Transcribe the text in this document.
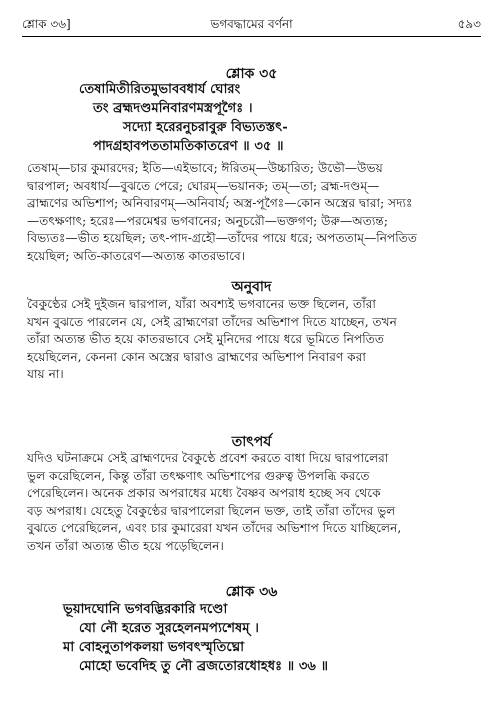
শ্লোক ৩৬]	ভগবদ্ধামের বর্ণনা	৫৯৩
শ্লোক ৩৫
তেষামিতীরিতমুভাববধার্য ঘোরং
তং ব্রহ্মদণ্ডমনিবারণমস্ত্রপূগৈঃ ।
সদ্যো হরেরনুচরাবুরু বিভ্যতস্তৎ-
পাদগ্রহাবপততামতিকাতরেণ ॥ ৩৫ ॥
তেষাম্—চার কুমারদের; ইতি—এইভাবে; ঈরিতম্—উচ্চারিত; উভৌ—উভয়
দ্বারপাল; অবধার্য—বুঝতে পেরে; ঘোরম্—ভয়ানক; তম্—তা; ব্রহ্ম-দণ্ডম্—
ব্রাহ্মণের অভিশাপ; অনিবারণম্—অনিবার্য; অস্ত্র-পূগৈঃ—কোন অস্ত্রের দ্বারা; সদ্যঃ
—তৎক্ষণাৎ; হরেঃ—পরমেশ্বর ভগবানের; অনুচরৌ—ভক্তগণ; উরু—অত্যন্ত;
বিভ্যতঃ—ভীত হয়েছিল; তৎ-পাদ-গ্রহৌ—তাঁদের পায়ে ধরে; অপততাম্—নিপতিত
হয়েছিল; অতি-কাতরেণ—অত্যন্ত কাতরভাবে।
অনুবাদ
বৈকুণ্ঠের সেই দুইজন দ্বারপাল, যাঁরা অবশ্যই ভগবানের ভক্ত ছিলেন, তাঁরা
যখন বুঝতে পারলেন যে, সেই ব্রাহ্মণেরা তাঁদের অভিশাপ দিতে যাচ্ছেন, তখন
তাঁরা অত্যন্ত ভীত হয়ে কাতরভাবে সেই মুনিদের পায়ে ধরে ভূমিতে নিপতিত
হয়েছিলেন, কেননা কোন অস্ত্রের দ্বারাও ব্রাহ্মণের অভিশাপ নিবারণ করা
যায় না।
তাৎপর্য
যদিও ঘটনাক্রমে সেই ব্রাহ্মণদের বৈকুণ্ঠে প্রবেশ করতে বাধা দিয়ে দ্বারপালেরা
ভুল করেছিলেন, কিন্তু তাঁরা তৎক্ষণাৎ অভিশাপের গুরুত্ব উপলব্ধি করতে
পেরেছিলেন। অনেক প্রকার অপরাধের মধ্যে বৈষ্ণব অপরাধ হচ্ছে সব থেকে
বড় অপরাধ। যেহেতু বৈকুণ্ঠের দ্বারপালেরা ছিলেন ভক্ত, তাই তাঁরা তাঁদের ভুল
বুঝতে পেরেছিলেন, এবং চার কুমারেরা যখন তাঁদের অভিশাপ দিতে যাচ্ছিলেন,
তখন তাঁরা অত্যন্ত ভীত হয়ে পড়েছিলেন।
শ্লোক ৩৬
ভূয়াদঘোনি ভগবদ্ভিরকারি দণ্ডো
যো নৌ হরেত সুরহেলনমপ্যশেষম্ ।
মা বোহনুতাপকলয়া ভগবৎস্মৃতিঘ্নো
মোহো ভবেদিহ তু নৌ ব্রজতোরধোহধঃ ॥ ৩৬ ॥
